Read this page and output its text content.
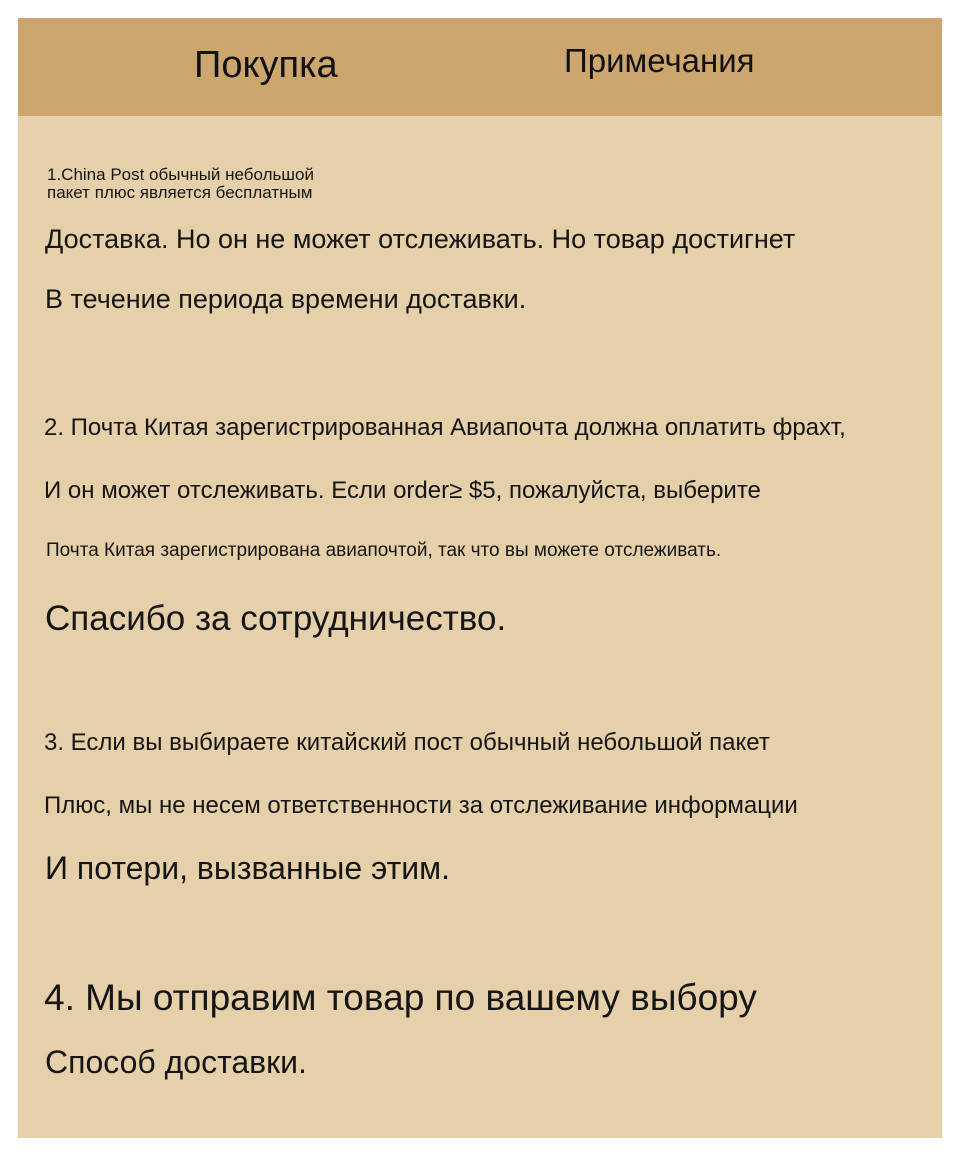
Покупка	Примечания
1.China Post обычный небольшой
пакет плюс является бесплатным
Доставка. Но он не может отслеживать. Но товар достигнет
В течение периода времени доставки.
2. Почта Китая зарегистрированная Авиапочта должна оплатить фрахт,
И он может отслеживать. Если order≥ $5, пожалуйста, выберите
Почта Китая зарегистрирована авиапочтой, так что вы можете отслеживать.
Спасибо за сотрудничество.
3. Если вы выбираете китайский пост обычный небольшой пакет
Плюс, мы не несем ответственности за отслеживание информации
И потери, вызванные этим.
4. Мы отправим товар по вашему выбору
Способ доставки.
